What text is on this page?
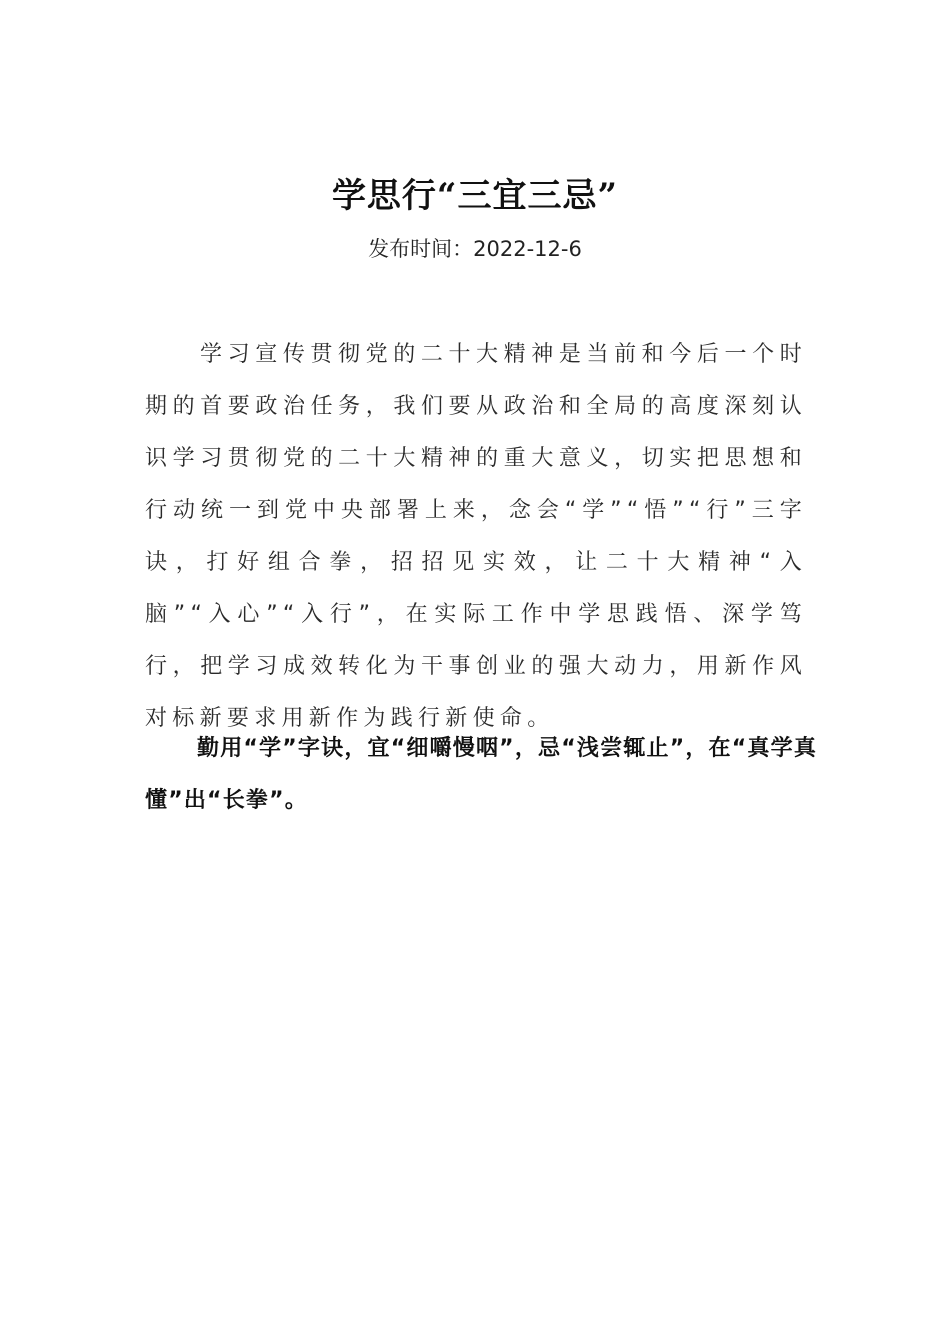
学思行“三宜三忌”
发布时间：2022-12-6

学习宣传贯彻党的二十大精神是当前和今后一个时期的首要政治任务，我们要从政治和全局的高度深刻认识学习贯彻党的二十大精神的重大意义，切实把思想和行动统一到党中央部署上来，念会“学”“悟”“行”三字诀，打好组合拳，招招见实效，让二十大精神“入脑”“入心”“入行”，在实际工作中学思践悟、深学笃行，把学习成效转化为干事创业的强大动力，用新作风对标新要求用新作为践行新使命。

勤用“学”字诀，宜“细嚼慢咽”，忌“浅尝辄止”，在“真学真懂”出“长拳”。
